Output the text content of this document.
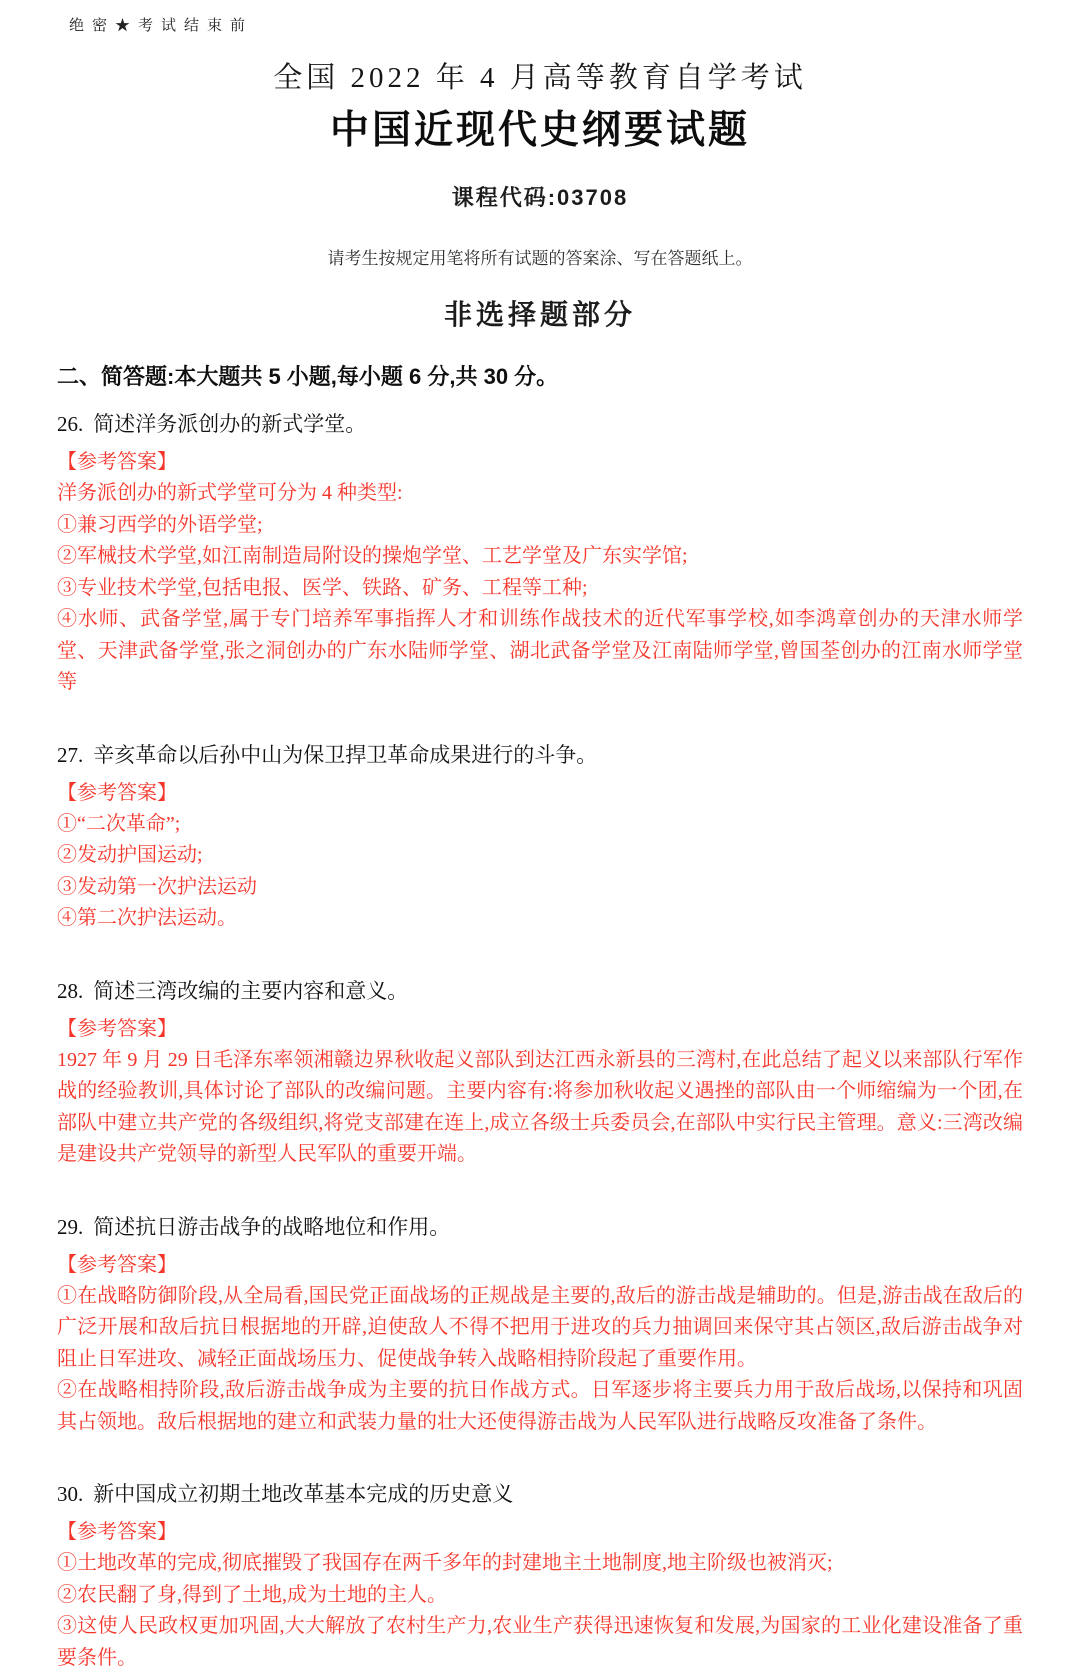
绝密★考试结束前
全国 2022 年 4 月高等教育自学考试
中国近现代史纲要试题
课程代码:03708
请考生按规定用笔将所有试题的答案涂、写在答题纸上。
非选择题部分
二、简答题:本大题共 5 小题,每小题 6 分,共 30 分。
26. 简述洋务派创办的新式学堂。
【参考答案】
洋务派创办的新式学堂可分为 4 种类型:
①兼习西学的外语学堂;
②军械技术学堂,如江南制造局附设的操炮学堂、工艺学堂及广东实学馆;
③专业技术学堂,包括电报、医学、铁路、矿务、工程等工种;
④水师、武备学堂,属于专门培养军事指挥人才和训练作战技术的近代军事学校,如李鸿章创办的天津水师学堂、天津武备学堂,张之洞创办的广东水陆师学堂、湖北武备学堂及江南陆师学堂,曾国荃创办的江南水师学堂等
27. 辛亥革命以后孙中山为保卫捍卫革命成果进行的斗争。
【参考答案】
①“二次革命”;
②发动护国运动;
③发动第一次护法运动
④第二次护法运动。
28. 简述三湾改编的主要内容和意义。
【参考答案】
1927 年 9 月 29 日毛泽东率领湘赣边界秋收起义部队到达江西永新县的三湾村,在此总结了起义以来部队行军作战的经验教训,具体讨论了部队的改编问题。主要内容有:将参加秋收起义遇挫的部队由一个师缩编为一个团,在部队中建立共产党的各级组织,将党支部建在连上,成立各级士兵委员会,在部队中实行民主管理。意义:三湾改编是建设共产党领导的新型人民军队的重要开端。
29. 简述抗日游击战争的战略地位和作用。
【参考答案】
①在战略防御阶段,从全局看,国民党正面战场的正规战是主要的,敌后的游击战是辅助的。但是,游击战在敌后的广泛开展和敌后抗日根据地的开辟,迫使敌人不得不把用于进攻的兵力抽调回来保守其占领区,敌后游击战争对阻止日军进攻、减轻正面战场压力、促使战争转入战略相持阶段起了重要作用。
②在战略相持阶段,敌后游击战争成为主要的抗日作战方式。日军逐步将主要兵力用于敌后战场,以保持和巩固其占领地。敌后根据地的建立和武装力量的壮大还使得游击战为人民军队进行战略反攻准备了条件。
30. 新中国成立初期土地改革基本完成的历史意义
【参考答案】
①土地改革的完成,彻底摧毁了我国存在两千多年的封建地主土地制度,地主阶级也被消灭;
②农民翻了身,得到了土地,成为土地的主人。
③这使人民政权更加巩固,大大解放了农村生产力,农业生产获得迅速恢复和发展,为国家的工业化建设准备了重要条件。
